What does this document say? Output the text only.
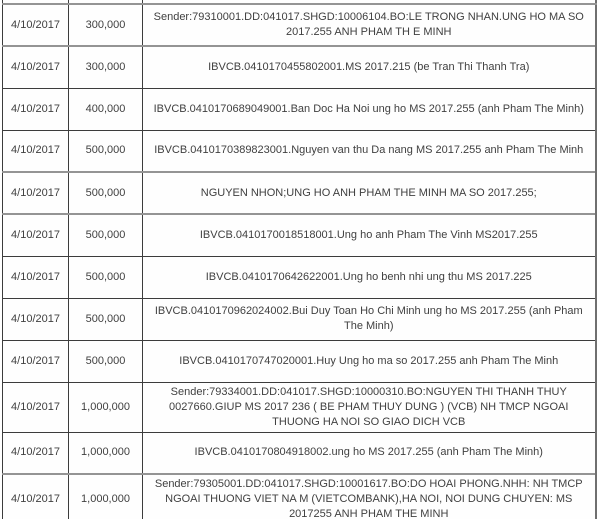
4/10/2017	300,000	Sender:79310001.DD:041017.SHGD:10006104.BO:LE TRONG NHAN.UNG HO MA SO 2017.255 ANH PHAM TH E MINH
4/10/2017	300,000	IBVCB.0410170455802001.MS 2017.215 (be Tran Thi Thanh Tra)
4/10/2017	400,000	IBVCB.0410170689049001.Ban Doc Ha Noi ung ho MS 2017.255 (anh Pham The Minh)
4/10/2017	500,000	IBVCB.0410170389823001.Nguyen van thu Da nang MS 2017.255 anh Pham The Minh
4/10/2017	500,000	NGUYEN NHON;UNG HO ANH PHAM THE MINH MA SO 2017.255;
4/10/2017	500,000	IBVCB.0410170018518001.Ung ho anh Pham The Vinh MS2017.255
4/10/2017	500,000	IBVCB.0410170642622001.Ung ho benh nhi ung thu MS 2017.225
4/10/2017	500,000	IBVCB.0410170962024002.Bui Duy Toan Ho Chi Minh ung ho MS 2017.255 (anh Pham The Minh)
4/10/2017	500,000	IBVCB.0410170747020001.Huy Ung ho ma so 2017.255 anh Pham The Minh
4/10/2017	1,000,000	Sender:79334001.DD:041017.SHGD:10000310.BO:NGUYEN THI THANH THUY 0027660.GIUP MS 2017 236 ( BE PHAM THUY DUNG ) (VCB) NH TMCP NGOAI THUONG HA NOI SO GIAO DICH VCB
4/10/2017	1,000,000	IBVCB.0410170804918002.ung ho MS 2017.255 (anh Pham The Minh)
4/10/2017	1,000,000	Sender:79305001.DD:041017.SHGD:10001617.BO:DO HOAI PHONG.NHH: NH TMCP NGOAI THUONG VIET NA M (VIETCOMBANK),HA NOI, NOI DUNG CHUYEN: MS 2017255 ANH PHAM THE MINH
